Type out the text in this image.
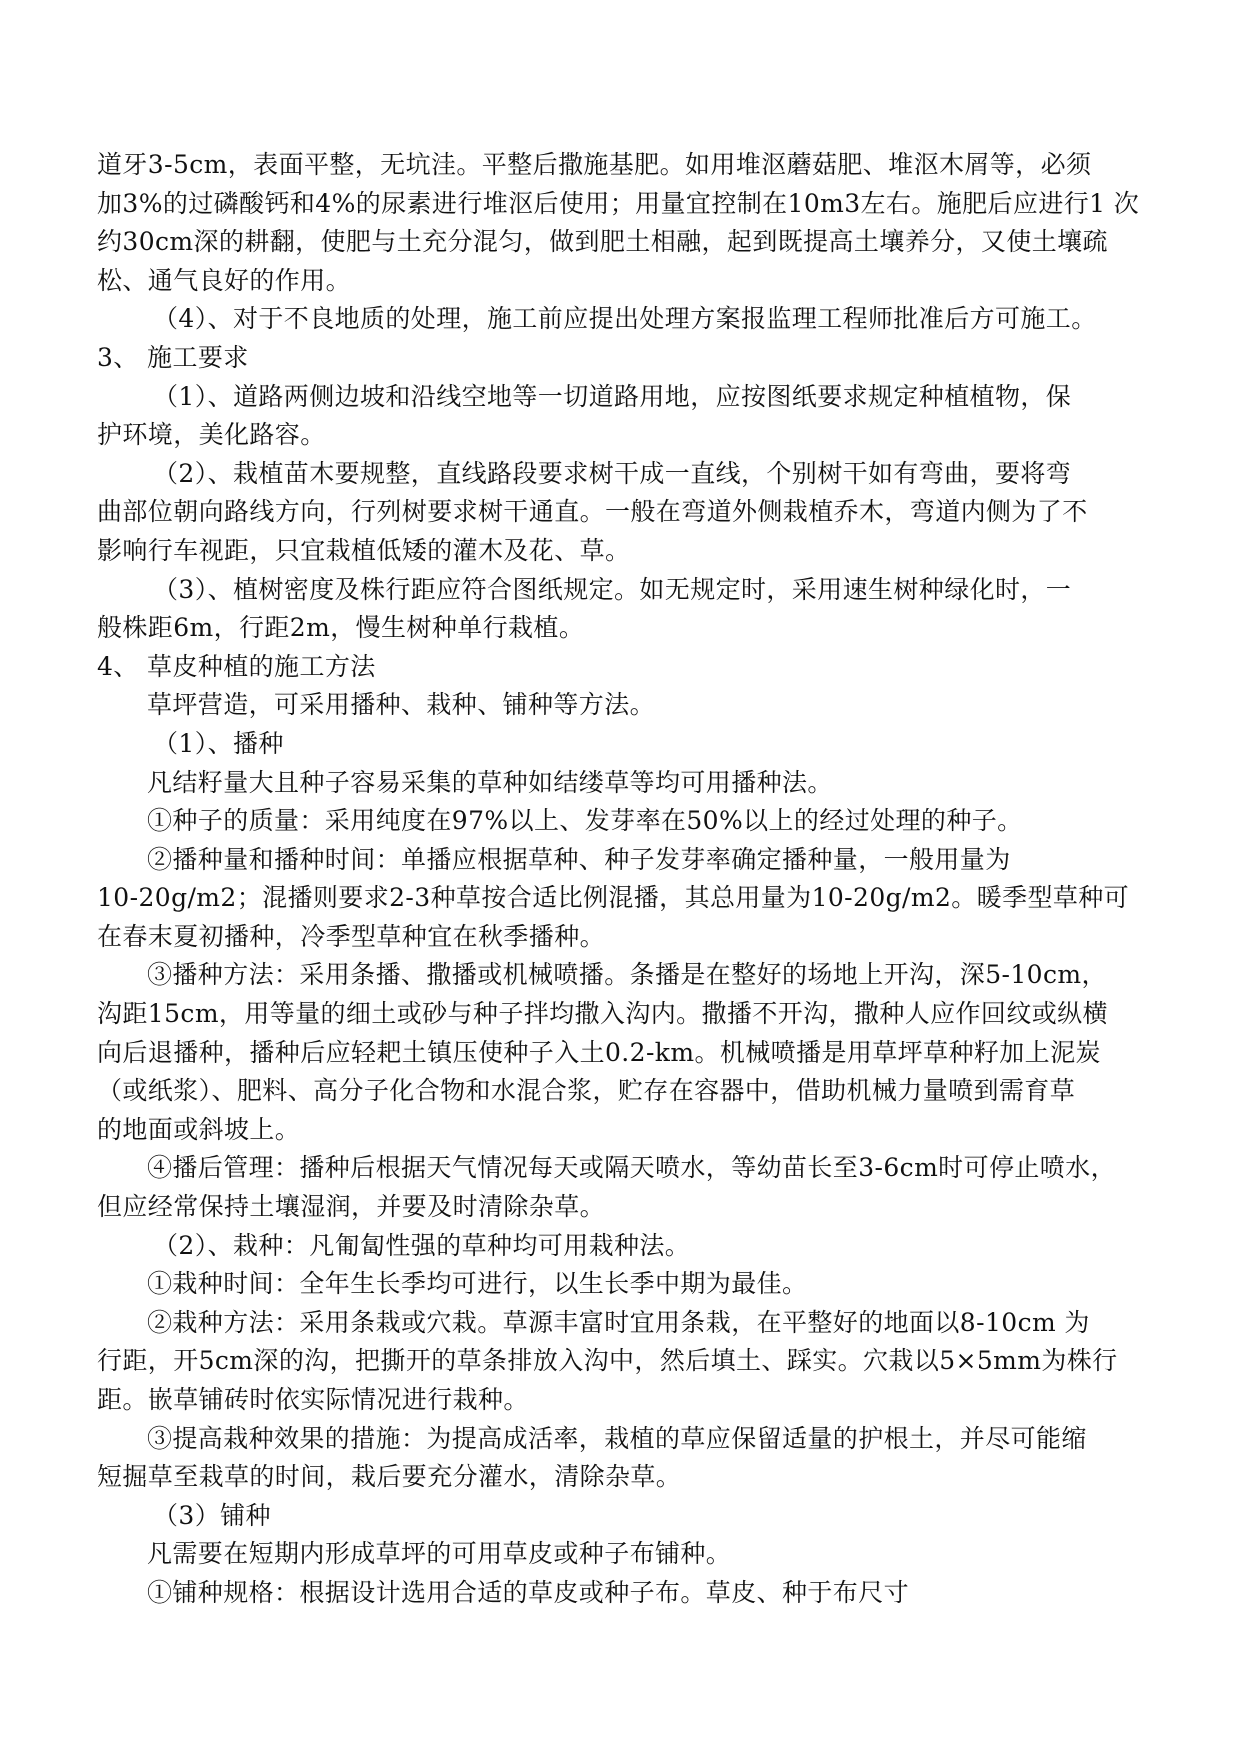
道牙3-5cm，表面平整，无坑洼。平整后撒施基肥。如用堆沤蘑菇肥、堆沤木屑等，必须
加3%的过磷酸钙和4%的尿素进行堆沤后使用；用量宜控制在10m3左右。施肥后应进行1 次
约30cm深的耕翻，使肥与土充分混匀，做到肥土相融，起到既提高土壤养分，又使土壤疏
松、通气良好的作用。
（4）、对于不良地质的处理，施工前应提出处理方案报监理工程师批准后方可施工。
3、 施工要求
（1）、道路两侧边坡和沿线空地等一切道路用地，应按图纸要求规定种植植物，保
护环境，美化路容。
（2）、栽植苗木要规整，直线路段要求树干成一直线，个别树干如有弯曲，要将弯
曲部位朝向路线方向，行列树要求树干通直。一般在弯道外侧栽植乔木，弯道内侧为了不
影响行车视距，只宜栽植低矮的灌木及花、草。
（3）、植树密度及株行距应符合图纸规定。如无规定时，采用速生树种绿化时，一
般株距6m，行距2m，慢生树种单行栽植。
4、 草皮种植的施工方法
草坪营造，可采用播种、栽种、铺种等方法。
（1）、播种
凡结籽量大且种子容易采集的草种如结缕草等均可用播种法。
①种子的质量：采用纯度在97%以上、发芽率在50%以上的经过处理的种子。
②播种量和播种时间：单播应根据草种、种子发芽率确定播种量，一般用量为
10-20g/m2；混播则要求2-3种草按合适比例混播，其总用量为10-20g/m2。暖季型草种可
在春末夏初播种，冷季型草种宜在秋季播种。
③播种方法：采用条播、撒播或机械喷播。条播是在整好的场地上开沟，深5-10cm，
沟距15cm，用等量的细土或砂与种子拌均撒入沟内。撒播不开沟，撒种人应作回纹或纵横
向后退播种，播种后应轻耙土镇压使种子入土0.2-km。机械喷播是用草坪草种籽加上泥炭
（或纸浆）、肥料、高分子化合物和水混合浆，贮存在容器中，借助机械力量喷到需育草
的地面或斜坡上。
④播后管理：播种后根据天气情况每天或隔天喷水，等幼苗长至3-6cm时可停止喷水，
但应经常保持土壤湿润，并要及时清除杂草。
（2）、栽种：凡匍匐性强的草种均可用栽种法。
①栽种时间：全年生长季均可进行，以生长季中期为最佳。
②栽种方法：采用条栽或穴栽。草源丰富时宜用条栽，在平整好的地面以8-10cm 为
行距，开5cm深的沟，把撕开的草条排放入沟中，然后填土、踩实。穴栽以5×5mm为株行
距。嵌草铺砖时依实际情况进行栽种。
③提高栽种效果的措施：为提高成活率，栽植的草应保留适量的护根土，并尽可能缩
短掘草至栽草的时间，栽后要充分灌水，清除杂草。
（3）铺种
凡需要在短期内形成草坪的可用草皮或种子布铺种。
①铺种规格：根据设计选用合适的草皮或种子布。草皮、种于布尺寸
